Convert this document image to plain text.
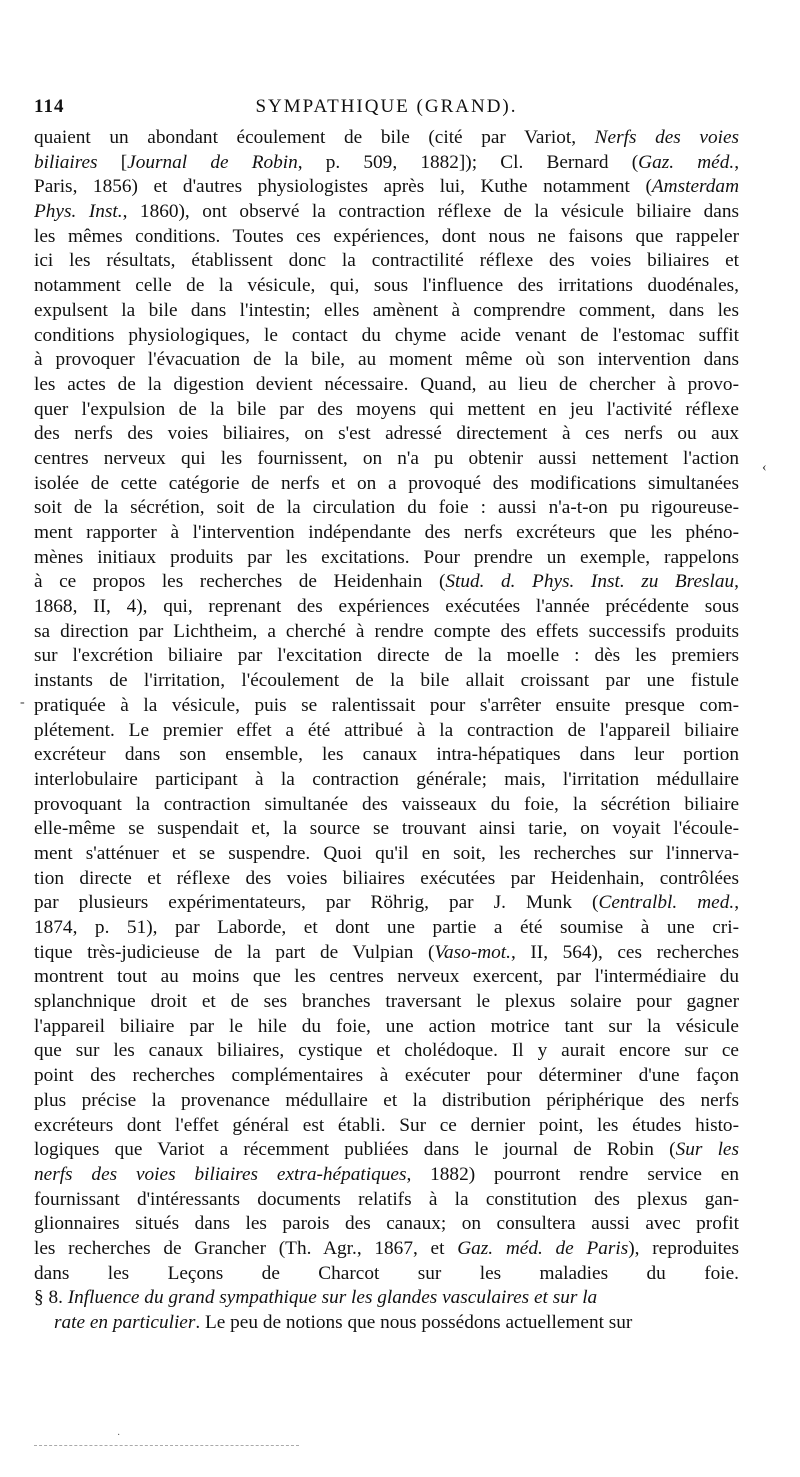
114	SYMPATHIQUE (GRAND).
quaient un abondant écoulement de bile (cité par Variot, Nerfs des voies
biliaires [Journal de Robin, p. 509, 1882]); Cl. Bernard (Gaz. méd.,
Paris, 1856) et d'autres physiologistes après lui, Kuthe notamment (Amsterdam
Phys. Inst., 1860), ont observé la contraction réflexe de la vésicule biliaire dans
les mêmes conditions. Toutes ces expériences, dont nous ne faisons que rappeler
ici les résultats, établissent donc la contractilité réflexe des voies biliaires et
notamment celle de la vésicule, qui, sous l'influence des irritations duodénales,
expulsent la bile dans l'intestin; elles amènent à comprendre comment, dans les
conditions physiologiques, le contact du chyme acide venant de l'estomac suffit
à provoquer l'évacuation de la bile, au moment même où son intervention dans
les actes de la digestion devient nécessaire. Quand, au lieu de chercher à provo-
quer l'expulsion de la bile par des moyens qui mettent en jeu l'activité réflexe
des nerfs des voies biliaires, on s'est adressé directement à ces nerfs ou aux
centres nerveux qui les fournissent, on n'a pu obtenir aussi nettement l'action
isolée de cette catégorie de nerfs et on a provoqué des modifications simultanées
soit de la sécrétion, soit de la circulation du foie : aussi n'a-t-on pu rigoureuse-
ment rapporter à l'intervention indépendante des nerfs excréteurs que les phéno-
mènes initiaux produits par les excitations. Pour prendre un exemple, rappelons
à ce propos les recherches de Heidenhain (Stud. d. Phys. Inst. zu Breslau,
1868, II, 4), qui, reprenant des expériences exécutées l'année précédente sous
sa direction par Lichtheim, a cherché à rendre compte des effets successifs produits
sur l'excrétion biliaire par l'excitation directe de la moelle : dès les premiers
instants de l'irritation, l'écoulement de la bile allait croissant par une fistule
pratiquée à la vésicule, puis se ralentissait pour s'arrêter ensuite presque com-
plétement. Le premier effet a été attribué à la contraction de l'appareil biliaire
excréteur dans son ensemble, les canaux intra-hépatiques dans leur portion
interlobulaire participant à la contraction générale; mais, l'irritation médullaire
provoquant la contraction simultanée des vaisseaux du foie, la sécrétion biliaire
elle-même se suspendait et, la source se trouvant ainsi tarie, on voyait l'écoule-
ment s'atténuer et se suspendre. Quoi qu'il en soit, les recherches sur l'innerva-
tion directe et réflexe des voies biliaires exécutées par Heidenhain, contrôlées
par plusieurs expérimentateurs, par Röhrig, par J. Munk (Centralbl. med.,
1874, p. 51), par Laborde, et dont une partie a été soumise à une cri-
tique très-judicieuse de la part de Vulpian (Vaso-mot., II, 564), ces recherches
montrent tout au moins que les centres nerveux exercent, par l'intermédiaire du
splanchnique droit et de ses branches traversant le plexus solaire pour gagner
l'appareil biliaire par le hile du foie, une action motrice tant sur la vésicule
que sur les canaux biliaires, cystique et cholédoque. Il y aurait encore sur ce
point des recherches complémentaires à exécuter pour déterminer d'une façon
plus précise la provenance médullaire et la distribution périphérique des nerfs
excréteurs dont l'effet général est établi. Sur ce dernier point, les études histo-
logiques que Variot a récemment publiées dans le journal de Robin (Sur les
nerfs des voies biliaires extra-hépatiques, 1882) pourront rendre service en
fournissant d'intéressants documents relatifs à la constitution des plexus gan-
glionnaires situés dans les parois des canaux; on consultera aussi avec profit
les recherches de Grancher (Th. Agr., 1867, et Gaz. méd. de Paris), reproduites
dans les Leçons de Charcot sur les maladies du foie.
§ 8. Influence du grand sympathique sur les glandes vasculaires et sur la
rate en particulier. Le peu de notions que nous possédons actuellement sur
‹
-
·
